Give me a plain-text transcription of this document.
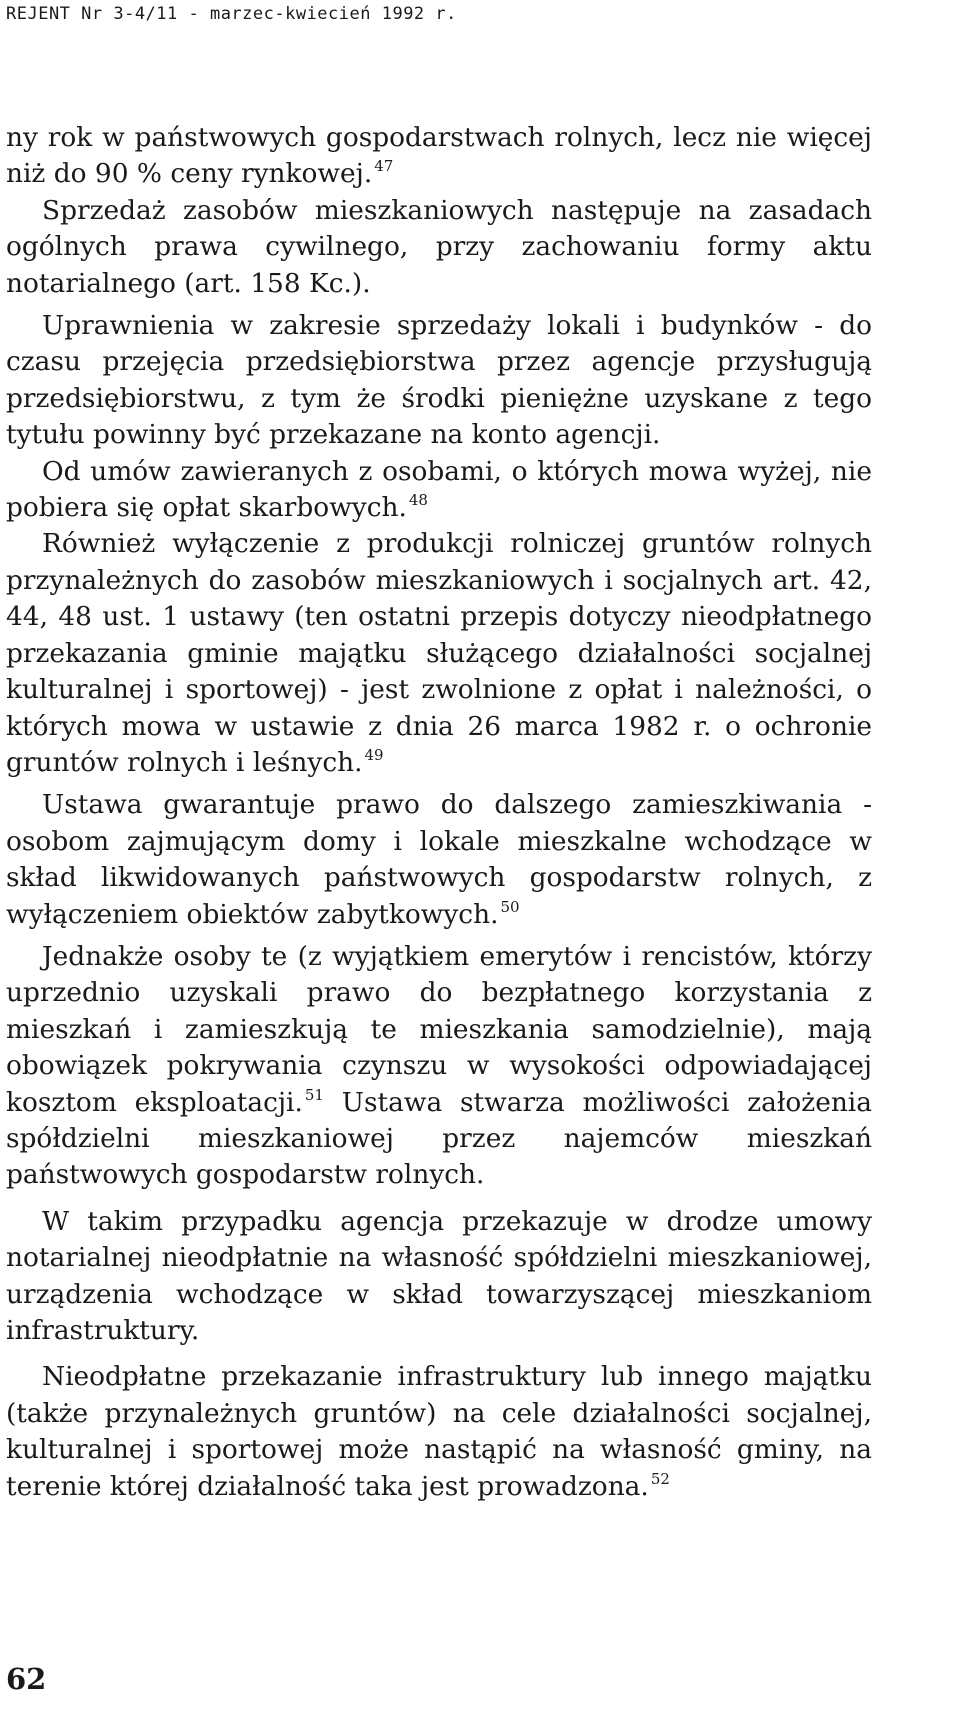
REJENT Nr 3-4/11 - marzec-kwiecień 1992 r.

ny rok w państwowych gospodarstwach rolnych, lecz nie więcej niż do 90 % ceny rynkowej. $^{47}$

Sprzedaż zasobów mieszkaniowych następuje na zasadach ogólnych prawa cywilnego, przy zachowaniu formy aktu notarialnego (art. 158 Kc.).

Uprawnienia w zakresie sprzedaży lokali i budynków - do czasu przejęcia przedsiębiorstwa przez agencje przysługują przedsiębiorstwu, z tym że środki pieniężne uzyskane z tego tytułu powinny być przekazane na konto agencji.

Od umów zawieranych z osobami, o których mowa wyżej, nie pobiera się opłat skarbowych. $^{48}$

Również wyłączenie z produkcji rolniczej gruntów rolnych przynależnych do zasobów mieszkaniowych i socjalnych art. 42, 44, 48 ust. 1 ustawy (ten ostatni przepis dotyczy nieodpłatnego przekazania gminie majątku służącego działalności socjalnej kulturalnej i sportowej) - jest zwolnione z opłat i należności, o których mowa w ustawie z dnia 26 marca 1982 r. o ochronie gruntów rolnych i leśnych. $^{49}$

Ustawa gwarantuje prawo do dalszego zamieszkiwania - osobom zajmującym domy i lokale mieszkalne wchodzące w skład likwidowanych państwowych gospodarstw rolnych, z wyłączeniem obiektów zabytkowych. $^{50}$

Jednakże osoby te (z wyjątkiem emerytów i rencistów, którzy uprzednio uzyskali prawo do bezpłatnego korzystania z mieszkań i zamieszkują te mieszkania samodzielnie), mają obowiązek pokrywania czynszu w wysokości odpowiadającej kosztom eksploatacji. $^{51}$ Ustawa stwarza możliwości założenia spółdzielni mieszkaniowej przez najemców mieszkań państwowych gospodarstw rolnych.

W takim przypadku agencja przekazuje w drodze umowy notarialnej nieodpłatnie na własność spółdzielni mieszkaniowej, urządzenia wchodzące w skład towarzyszącej mieszkaniom infrastruktury.

Nieodpłatne przekazanie infrastruktury lub innego majątku (także przynależnych gruntów) na cele działalności socjalnej, kulturalnej i sportowej może nastąpić na własność gminy, na terenie której działalność taka jest prowadzona. $^{52}$

62
